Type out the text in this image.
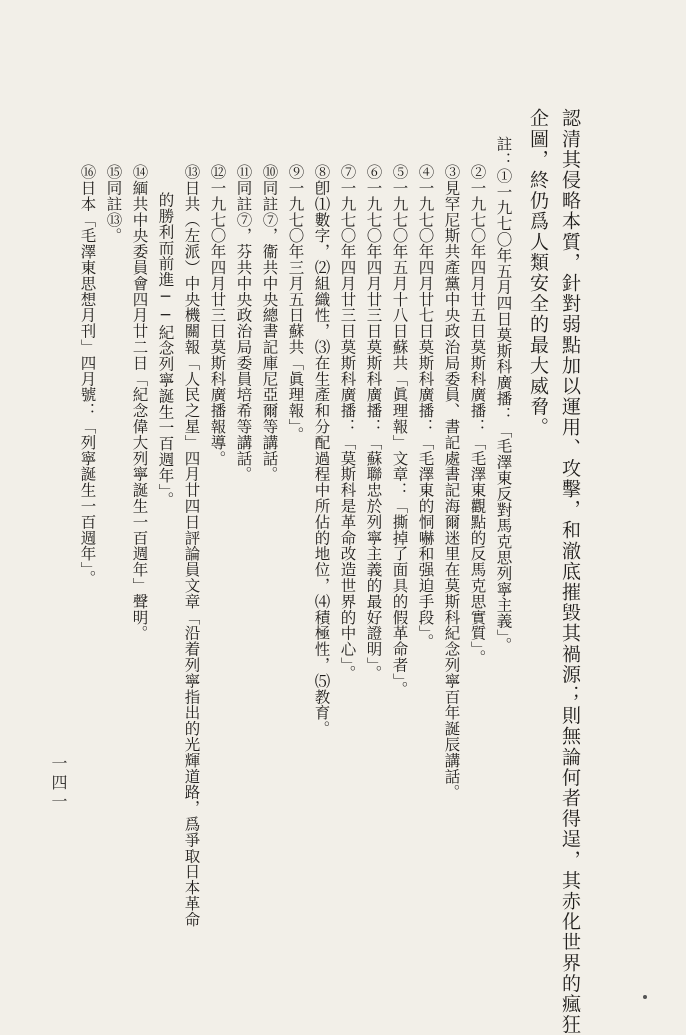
認清其侵略本質，針對弱點加以運用、攻擊，和澈底摧毀其禍源；則無論何者得逞，其赤化世界的瘋狂
企圖，終仍爲人類安全的最大威脅。
註：①一九七〇年五月四日莫斯科廣播：「毛澤東反對馬克思列寧主義」。
②一九七〇年四月廿五日莫斯科廣播：「毛澤東觀點的反馬克思實質」。
③見罕尼斯共產黨中央政治局委員、書記處書記海爾迷里在莫斯科紀念列寧百年誕辰講話。
④一九七〇年四月廿七日莫斯科廣播：「毛澤東的恫嚇和强迫手段」。
⑤一九七〇年五月十八日蘇共「眞理報」文章：「撕掉了面具的假革命者」。
⑥一九七〇年四月廿三日莫斯科廣播：「蘇聯忠於列寧主義的最好證明」。
⑦一九七〇年四月廿三日莫斯科廣播：「莫斯科是革命改造世界的中心」。
⑧卽⑴數字，⑵組織性，⑶在生產和分配過程中所佔的地位，⑷積極性，⑸教育。
⑨一九七〇年三月五日蘇共「眞理報」。
⑩同註⑦，衞共中央總書記庫尼亞爾等講話。
⑪同註⑦，芬共中央政治局委員培希等講話。
⑫一九七〇年四月廿三日莫斯科廣播報導。
⑬日共（左派）中央機關報「人民之星」四月廿四日評論員文章「沿着列寧指出的光輝道路，爲爭取日本革命
的勝利而前進──紀念列寧誕生一百週年」。
⑭緬共中央委員會四月廿二日「紀念偉大列寧誕生一百週年」聲明。
⑮同註⑬。
⑯日本「毛澤東思想月刊」四月號：「列寧誕生一百週年」。
一四一
